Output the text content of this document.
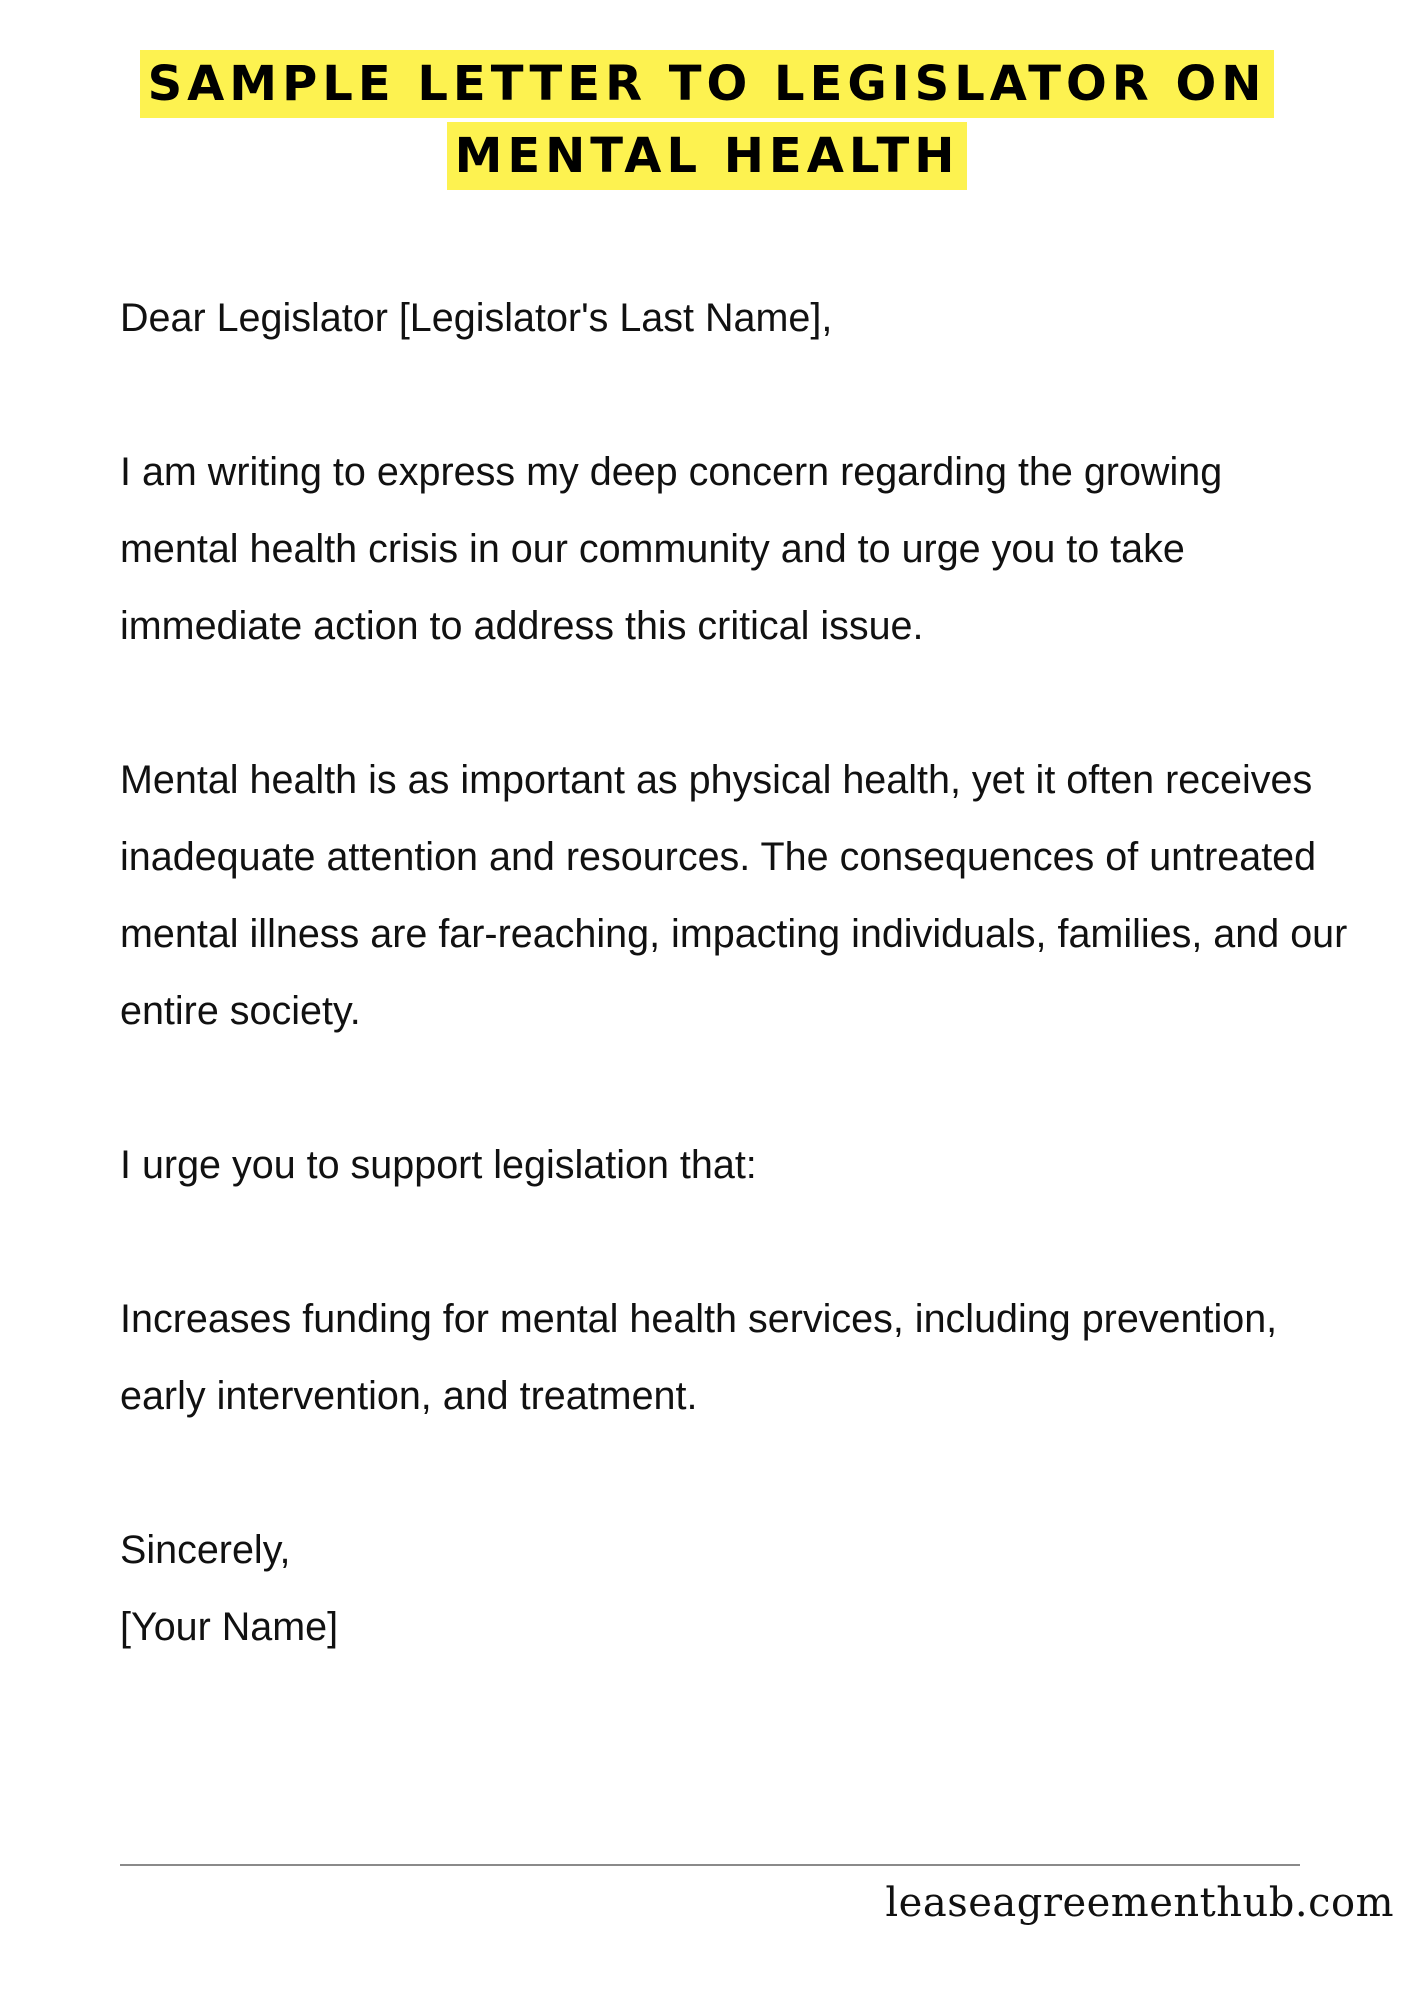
SAMPLE LETTER TO LEGISLATOR ON
MENTAL HEALTH

Dear Legislator [Legislator's Last Name],

I am writing to express my deep concern regarding the growing mental health crisis in our community and to urge you to take immediate action to address this critical issue.

Mental health is as important as physical health, yet it often receives inadequate attention and resources. The consequences of untreated mental illness are far-reaching, impacting individuals, families, and our entire society.

I urge you to support legislation that:

Increases funding for mental health services, including prevention, early intervention, and treatment.

Sincerely,

[Your Name]

leaseagreementhub.com
